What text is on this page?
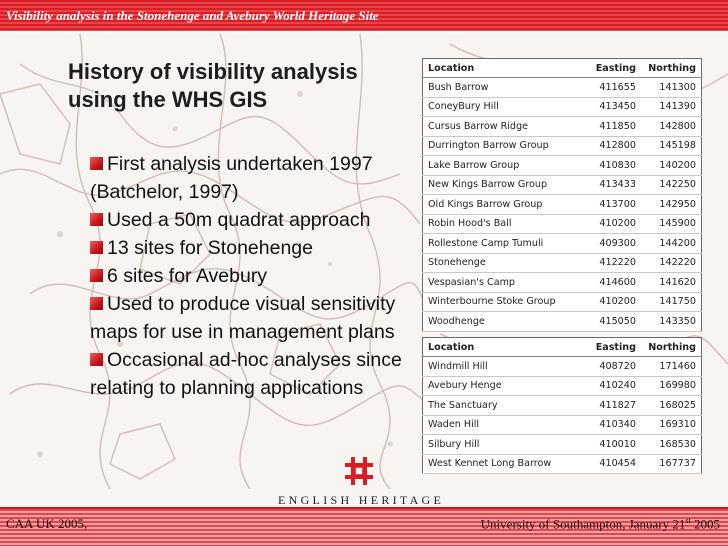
Visibility analysis in the Stonehenge and Avebury World Heritage Site
History of visibility analysis using the WHS GIS
First analysis undertaken 1997 (Batchelor, 1997)
Used a 50m quadrat approach
13 sites for Stonehenge
6 sites for Avebury
Used to produce visual sensitivity maps for use in management plans
Occasional ad-hoc analyses since relating to planning applications
Location	Easting	Northing
Bush Barrow	411655	141300
ConeyBury Hill	413450	141390
Cursus Barrow Ridge	411850	142800
Durrington Barrow Group	412800	145198
Lake Barrow Group	410830	140200
New Kings Barrow Group	413433	142250
Old Kings Barrow Group	413700	142950
Robin Hood's Ball	410200	145900
Rollestone Camp Tumuli	409300	144200
Stonehenge	412220	142220
Vespasian's Camp	414600	141620
Winterbourne Stoke Group	410200	141750
Woodhenge	415050	143350
Location	Easting	Northing
Windmill Hill	408720	171460
Avebury Henge	410240	169980
The Sanctuary	411827	168025
Waden Hill	410340	169310
Silbury Hill	410010	168530
West Kennet Long Barrow	410454	167737
ENGLISH HERITAGE
CAA UK 2005,	University of Southampton, January 21st 2005
